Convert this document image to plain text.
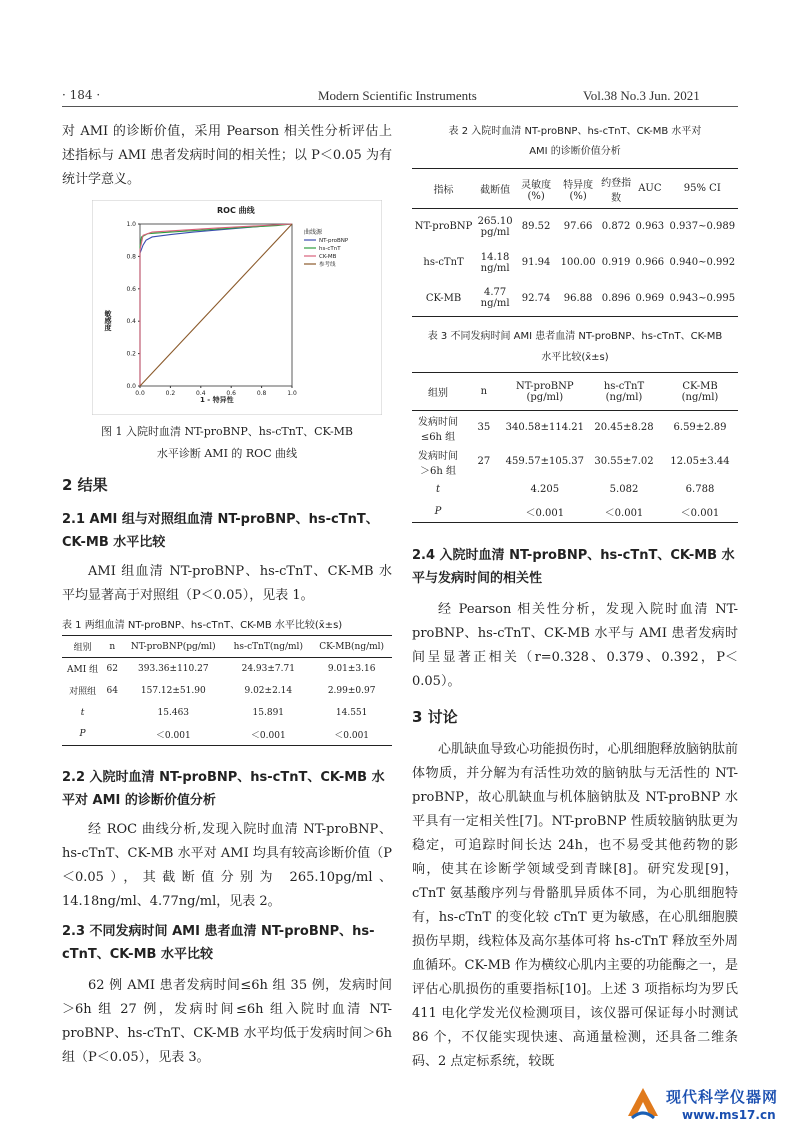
· 184 ·	Modern Scientific Instruments	Vol.38 No.3 Jun. 2021

对 AMI 的诊断价值，采用 Pearson 相关性分析评估上述指标与 AMI 患者发病时间的相关性；以 P＜0.05 为有统计学意义。

ROC 曲线
0.0
0.2
0.4
0.6
0.8
1.0
0.0	0.2	0.4	0.6	0.8	1.0
敏感度
1 - 特异性
曲线源
NT-proBNP
hs-cTnT
CK-MB
参考线
图 1 入院时血清 NT-proBNP、hs-cTnT、CK-MB
水平诊断 AMI 的 ROC 曲线
2 结果
2.1 AMI 组与对照组血清 NT-proBNP、hs-cTnT、CK-MB 水平比较

AMI 组血清 NT-proBNP、hs-cTnT、CK-MB 水平均显著高于对照组（P＜0.05），见表 1。

表 1 两组血清 NT-proBNP、hs-cTnT、CK-MB 水平比较(x̄±s)
组别	n	NT-proBNP(pg/ml)	hs-cTnT(ng/ml)	CK-MB(ng/ml)
AMI 组	62	393.36±110.27	24.93±7.71	9.01±3.16
对照组	64	157.12±51.90	9.02±2.14	2.99±0.97
t		15.463	15.891	14.551
P		＜0.001	＜0.001	＜0.001
2.2 入院时血清 NT-proBNP、hs-cTnT、CK-MB 水平对 AMI 的诊断价值分析

经 ROC 曲线分析,发现入院时血清 NT-proBNP、hs-cTnT、CK-MB 水平对 AMI 均具有较高诊断价值（P＜0.05），其截断值分别为 265.10pg/ml、14.18ng/ml、4.77ng/ml，见表 2。

2.3 不同发病时间 AMI 患者血清 NT-proBNP、hs-cTnT、CK-MB 水平比较

62 例 AMI 患者发病时间≤6h 组 35 例，发病时间＞6h 组 27 例，发病时间≤6h 组入院时血清 NT-proBNP、hs-cTnT、CK-MB 水平均低于发病时间＞6h 组（P＜0.05），见表 3。

表 2 入院时血清 NT-proBNP、hs-cTnT、CK-MB 水平对
AMI 的诊断价值分析
指标	截断值	灵敏度(%)	特异度(%)	约登指数	AUC	95% CI
NT-proBNP	265.10 pg/ml	89.52	97.66	0.872	0.963	0.937~0.989
hs-cTnT	14.18 ng/ml	91.94	100.00	0.919	0.966	0.940~0.992
CK-MB	4.77 ng/ml	92.74	96.88	0.896	0.969	0.943~0.995
表 3 不同发病时间 AMI 患者血清 NT-proBNP、hs-cTnT、CK-MB
水平比较(x̄±s)
组别	n	NT-proBNP (pg/ml)	hs-cTnT (ng/ml)	CK-MB (ng/ml)
发病时间 ≤6h 组	35	340.58±114.21	20.45±8.28	6.59±2.89
发病时间 ＞6h 组	27	459.57±105.37	30.55±7.02	12.05±3.44
t		4.205	5.082	6.788
P		＜0.001	＜0.001	＜0.001
2.4 入院时血清 NT-proBNP、hs-cTnT、CK-MB 水平与发病时间的相关性

经 Pearson 相关性分析，发现入院时血清 NT-proBNP、hs-cTnT、CK-MB 水平与 AMI 患者发病时间呈显著正相关（r=0.328、0.379、0.392，P＜0.05）。

3 讨论

心肌缺血导致心功能损伤时，心肌细胞释放脑钠肽前体物质，并分解为有活性功效的脑钠肽与无活性的 NT-proBNP，故心肌缺血与机体脑钠肽及 NT-proBNP 水平具有一定相关性[7]。NT-proBNP 性质较脑钠肽更为稳定，可追踪时间长达 24h，也不易受其他药物的影响，使其在诊断学领域受到青睐[8]。研究发现[9]，cTnT 氨基酸序列与骨骼肌异质体不同，为心肌细胞特有，hs-cTnT 的变化较 cTnT 更为敏感，在心肌细胞膜损伤早期，线粒体及高尔基体可将 hs-cTnT 释放至外周血循环。CK-MB 作为横纹心肌内主要的功能酶之一，是评估心肌损伤的重要指标[10]。上述 3 项指标均为罗氏 411 电化学发光仪检测项目，该仪器可保证每小时测试 86 个，不仅能实现快速、高通量检测，还具备二维条码、2 点定标系统，较既

现代科学仪器网
www.ms17.cn
